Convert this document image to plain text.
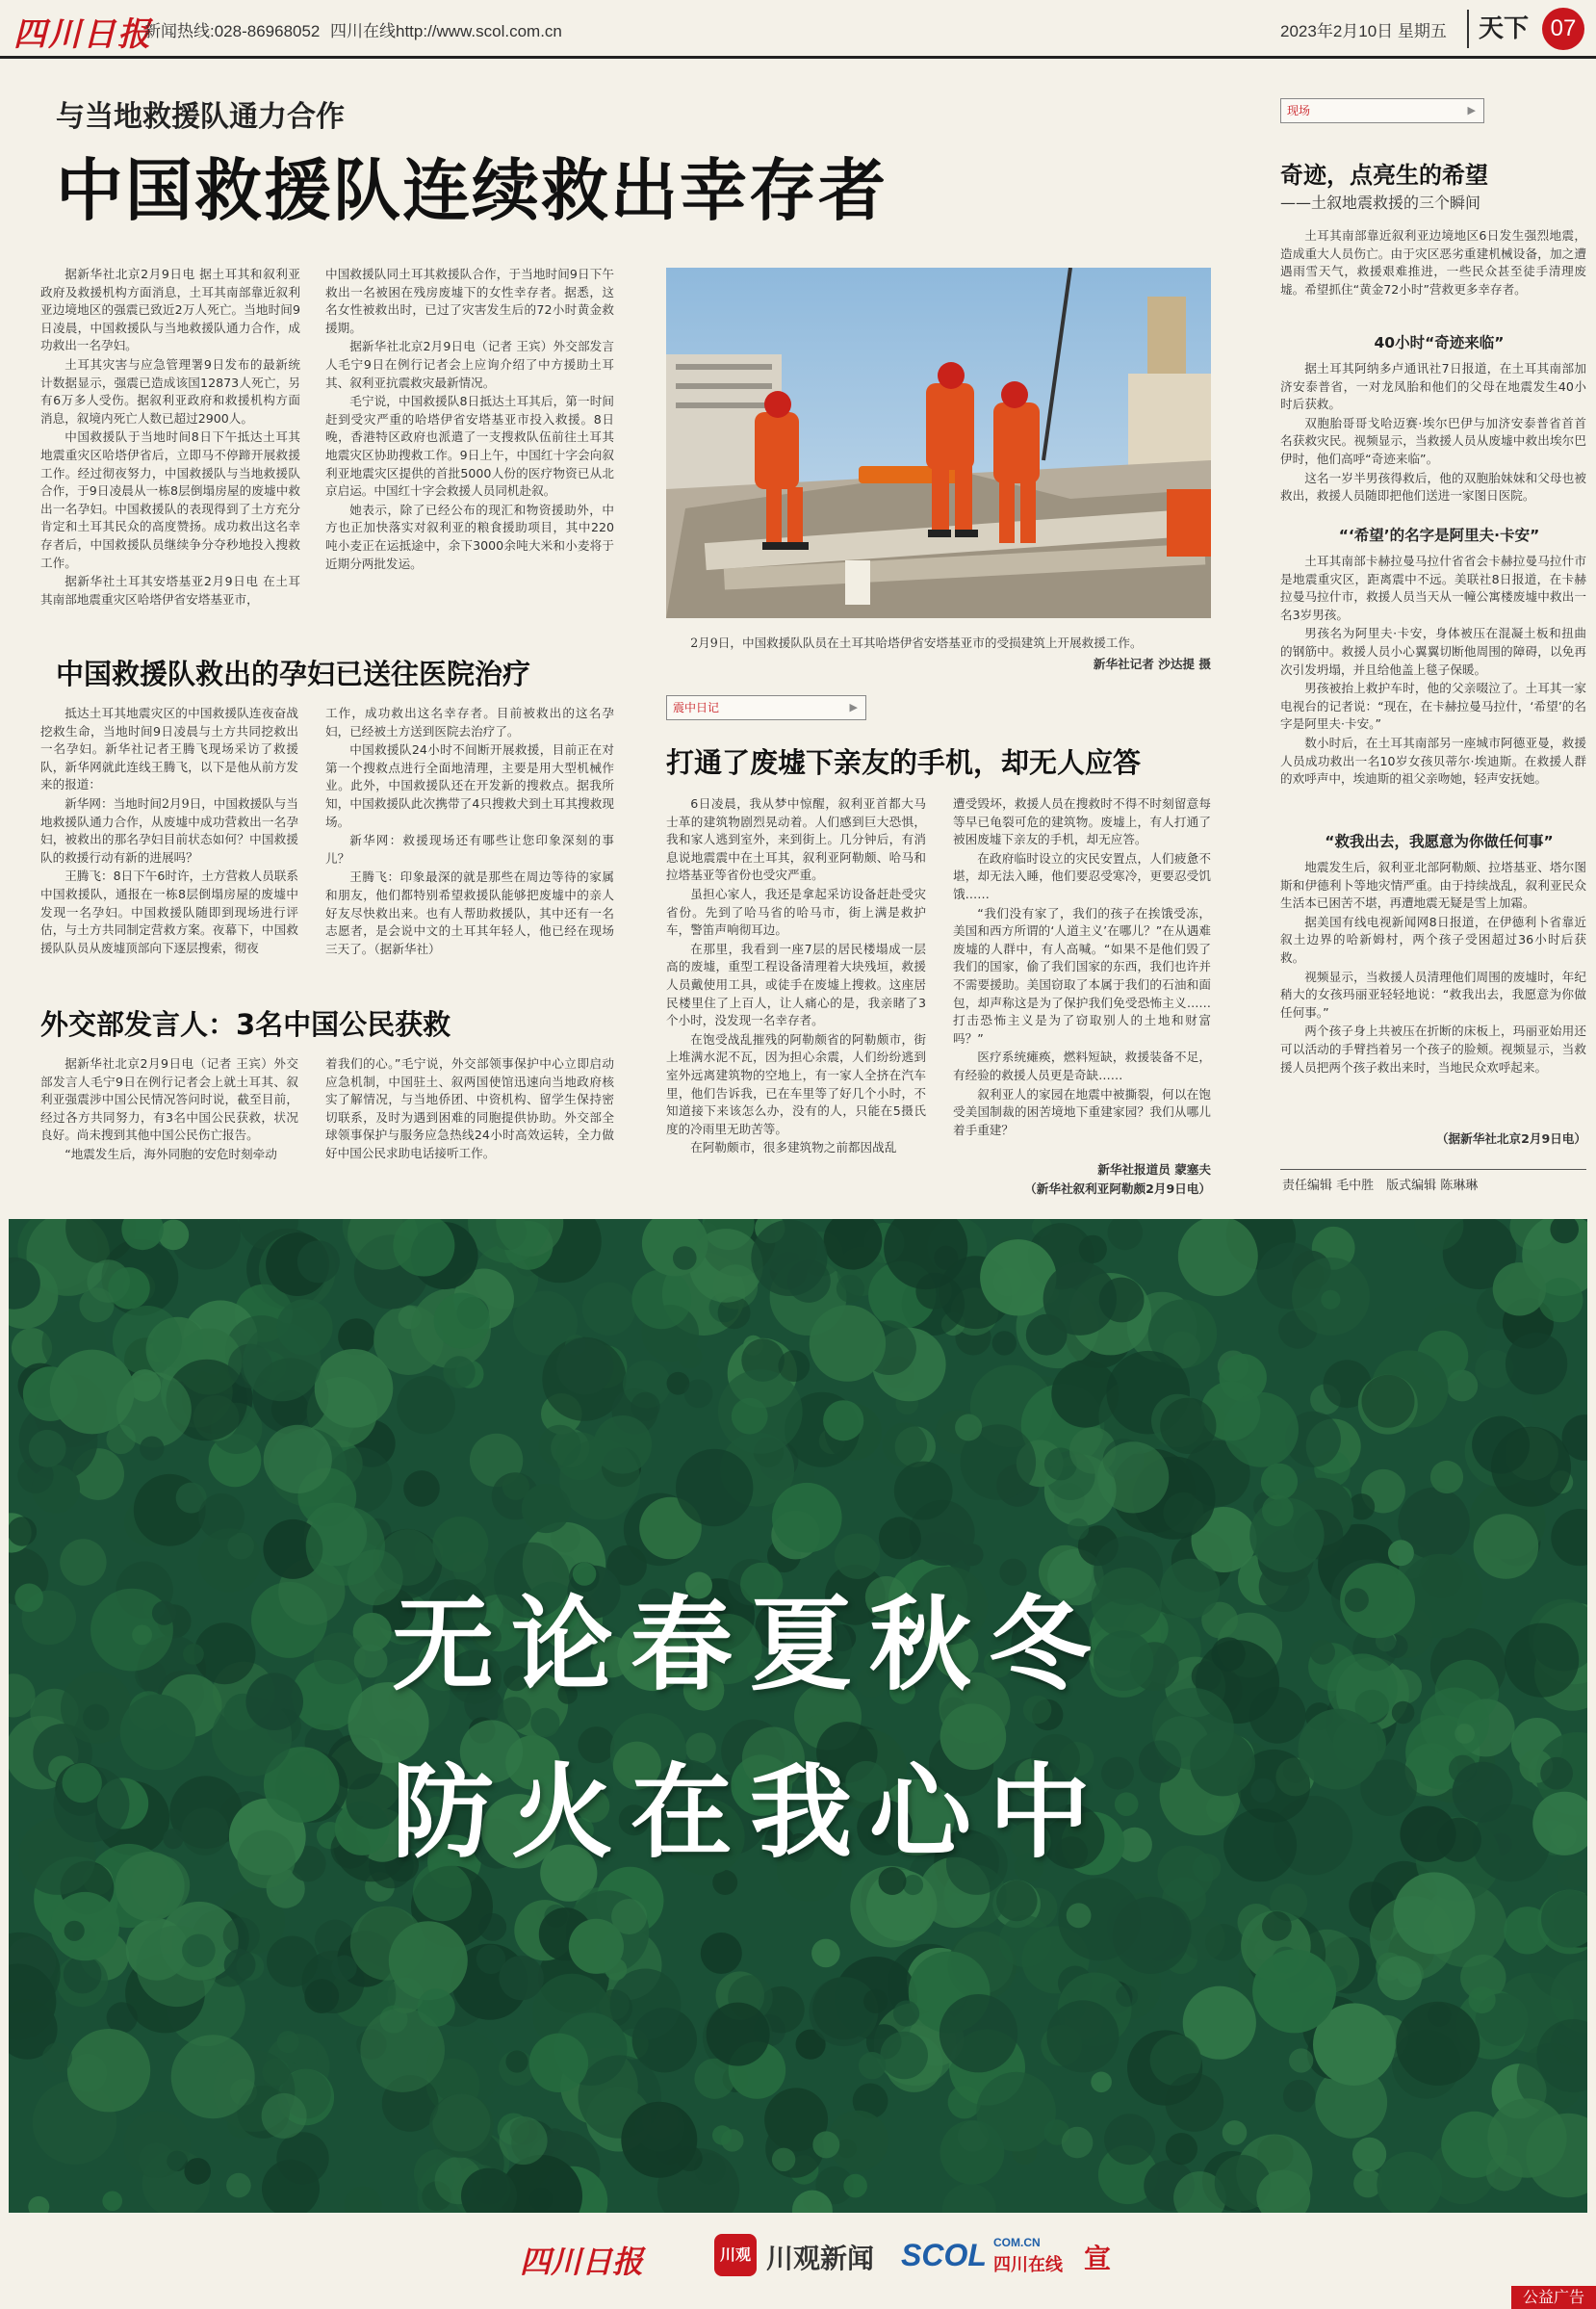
四川日报
新闻热线:028-86968052 四川在线http://www.scol.com.cn	2023年2月10日 星期五	天下 07
与当地救援队通力合作
中国救援队连续救出幸存者

据新华社北京2月9日电 据土耳其和叙利亚政府及救援机构方面消息，土耳其南部靠近叙利亚边境地区的强震已致近2万人死亡。当地时间9日凌晨，中国救援队与当地救援队通力合作，成功救出一名孕妇。

土耳其灾害与应急管理署9日发布的最新统计数据显示，强震已造成该国12873人死亡，另有6万多人受伤。据叙利亚政府和救援机构方面消息，叙境内死亡人数已超过2900人。

中国救援队于当地时间8日下午抵达土耳其地震重灾区哈塔伊省后，立即马不停蹄开展救援工作。经过彻夜努力，中国救援队与当地救援队合作，于9日凌晨从一栋8层倒塌房屋的废墟中救出一名孕妇。中国救援队的表现得到了土方充分肯定和土耳其民众的高度赞扬。成功救出这名幸存者后，中国救援队员继续争分夺秒地投入搜救工作。

据新华社土耳其安塔基亚2月9日电 在土耳其南部地震重灾区哈塔伊省安塔基亚市，

中国救援队同土耳其救援队合作，于当地时间9日下午救出一名被困在残房废墟下的女性幸存者。据悉，这名女性被救出时，已过了灾害发生后的72小时黄金救援期。

据新华社北京2月9日电（记者 王宾）外交部发言人毛宁9日在例行记者会上应询介绍了中方援助土耳其、叙利亚抗震救灾最新情况。

毛宁说，中国救援队8日抵达土耳其后，第一时间赶到受灾严重的哈塔伊省安塔基亚市投入救援。8日晚，香港特区政府也派遣了一支搜救队伍前往土耳其地震灾区协助搜救工作。9日上午，中国红十字会向叙利亚地震灾区提供的首批5000人份的医疗物资已从北京启运。中国红十字会救援人员同机赴叙。

她表示，除了已经公布的现汇和物资援助外，中方也正加快落实对叙利亚的粮食援助项目，其中220吨小麦正在运抵途中，余下3000余吨大米和小麦将于近期分两批发运。

2月9日，中国救援队队员在土耳其哈塔伊省安塔基亚市的受损建筑上开展救援工作。
新华社记者 沙达提 摄
中国救援队救出的孕妇已送往医院治疗

抵达土耳其地震灾区的中国救援队连夜奋战挖救生命，当地时间9日凌晨与土方共同挖救出一名孕妇。新华社记者王腾飞现场采访了救援队，新华网就此连线王腾飞，以下是他从前方发来的报道：

新华网：当地时间2月9日，中国救援队与当地救援队通力合作，从废墟中成功营救出一名孕妇，被救出的那名孕妇目前状态如何？中国救援队的救援行动有新的进展吗？

王腾飞：8日下午6时许，土方营救人员联系中国救援队，通报在一栋8层倒塌房屋的废墟中发现一名孕妇。中国救援队随即到现场进行评估，与土方共同制定营救方案。夜幕下，中国救援队队员从废墟顶部向下逐层搜索，彻夜

工作，成功救出这名幸存者。目前被救出的这名孕妇，已经被土方送到医院去治疗了。

中国救援队24小时不间断开展救援，目前正在对第一个搜救点进行全面地清理，主要是用大型机械作业。此外，中国救援队还在开发新的搜救点。据我所知，中国救援队此次携带了4只搜救犬到土耳其搜救现场。

新华网：救援现场还有哪些让您印象深刻的事儿？

王腾飞：印象最深的就是那些在周边等待的家属和朋友，他们都特别希望救援队能够把废墟中的亲人好友尽快救出来。也有人帮助救援队，其中还有一名志愿者，是会说中文的土耳其年轻人，他已经在现场三天了。（据新华社）

外交部发言人：3名中国公民获救

据新华社北京2月9日电（记者 王宾）外交部发言人毛宁9日在例行记者会上就土耳其、叙利亚强震涉中国公民情况答问时说，截至目前，经过各方共同努力，有3名中国公民获救，状况良好。尚未搜到其他中国公民伤亡报告。

“地震发生后，海外同胞的安危时刻牵动

着我们的心。”毛宁说，外交部领事保护中心立即启动应急机制，中国驻土、叙两国使馆迅速向当地政府核实了解情况，与当地侨团、中资机构、留学生保持密切联系，及时为遇到困难的同胞提供协助。外交部全球领事保护与服务应急热线24小时高效运转，全力做好中国公民求助电话接听工作。

震中日记	▶
打通了废墟下亲友的手机，却无人应答

6日凌晨，我从梦中惊醒，叙利亚首都大马士革的建筑物剧烈晃动着。人们感到巨大恐惧，我和家人逃到室外，来到街上。几分钟后，有消息说地震震中在土耳其，叙利亚阿勒颇、哈马和拉塔基亚等省份也受灾严重。

虽担心家人，我还是拿起采访设备赶赴受灾省份。先到了哈马省的哈马市，街上满是救护车，警笛声响彻耳边。

在那里，我看到一座7层的居民楼塌成一层高的废墟，重型工程设备清理着大块残垣，救援人员戴使用工具，或徒手在废墟上搜救。这座居民楼里住了上百人，让人痛心的是，我亲睹了3个小时，没发现一名幸存者。

在饱受战乱摧残的阿勒颇省的阿勒颇市，街上堆满水泥不瓦，因为担心余震，人们纷纷逃到室外远离建筑物的空地上，有一家人全挤在汽车里，他们告诉我，已在车里等了好几个小时，不知道接下来该怎么办，没有的人，只能在5摄氏度的冷雨里无助苦等。

在阿勒颇市，很多建筑物之前都因战乱

遭受毁坏，救援人员在搜救时不得不时刻留意每等早已龟裂可危的建筑物。废墟上，有人打通了被困废墟下亲友的手机，却无应答。

在政府临时设立的灾民安置点，人们疲惫不堪，却无法入睡，他们要忍受寒冷，更要忍受饥饿……

“我们没有家了，我们的孩子在挨饿受冻，美国和西方所谓的‘人道主义’在哪儿？”在从遇难废墟的人群中，有人高喊。“如果不是他们毁了我们的国家，偷了我们国家的东西，我们也许并不需要援助。美国窃取了本属于我们的石油和面包，却声称这是为了保护我们免受恐怖主义……打击恐怖主义是为了窃取别人的土地和财富吗？”

医疗系统瘫痪，燃料短缺，救援装备不足，有经验的救援人员更是奇缺……

叙利亚人的家园在地震中被撕裂，何以在饱受美国制裁的困苦境地下重建家园？我们从哪儿着手重建？

新华社报道员 蒙塞夫
（新华社叙利亚阿勒颇2月9日电）
现场	▶
奇迹，点亮生的希望
——土叙地震救援的三个瞬间

土耳其南部靠近叙利亚边境地区6日发生强烈地震，造成重大人员伤亡。由于灾区恶劣重建机械设备，加之遭遇雨雪天气，救援艰难推进，一些民众甚至徒手清理废墟。希望抓住“黄金72小时”营救更多幸存者。

40小时“奇迹来临”

据土耳其阿纳多卢通讯社7日报道，在土耳其南部加济安泰普省，一对龙凤胎和他们的父母在地震发生40小时后获救。

双胞胎哥哥戈哈迈赛·埃尔巴伊与加济安泰普省首首名获救灾民。视频显示，当救援人员从废墟中救出埃尔巴伊时，他们高呼“奇迹来临”。

这名一岁半男孩得救后，他的双胞胎妹妹和父母也被救出，救援人员随即把他们送进一家图日医院。

“‘希望’的名字是阿里夫·卡安”

土耳其南部卡赫拉曼马拉什省省会卡赫拉曼马拉什市是地震重灾区，距离震中不远。美联社8日报道，在卡赫拉曼马拉什市，救援人员当天从一幢公寓楼废墟中救出一名3岁男孩。

男孩名为阿里夫·卡安，身体被压在混凝土板和扭曲的钢筋中。救援人员小心翼翼切断他周围的障碍，以免再次引发坍塌，并且给他盖上毯子保暖。

男孩被抬上救护车时，他的父亲啜泣了。土耳其一家电视台的记者说：“现在，在卡赫拉曼马拉什，‘希望’的名字是阿里夫·卡安。”

数小时后，在土耳其南部另一座城市阿德亚曼，救援人员成功救出一名10岁女孩贝蒂尔·埃迪斯。在救援人群的欢呼声中，埃迪斯的祖父亲吻她，轻声安抚她。

“救我出去，我愿意为你做任何事”

地震发生后，叙利亚北部阿勒颇、拉塔基亚、塔尔图斯和伊德利卜等地灾情严重。由于持续战乱，叙利亚民众生活本已困苦不堪，再遭地震无疑是雪上加霜。

据美国有线电视新闻网8日报道，在伊德利卜省靠近叙土边界的哈新姆村，两个孩子受困超过36小时后获救。

视频显示，当救援人员清理他们周围的废墟时，年纪稍大的女孩玛丽亚轻轻地说：“救我出去，我愿意为你做任何事。”

两个孩子身上共被压在折断的床板上，玛丽亚始用还可以活动的手臂挡着另一个孩子的脸颊。视频显示，当救援人员把两个孩子救出来时，当地民众欢呼起来。

（据新华社北京2月9日电）
责任编辑 毛中胜　版式编辑 陈琳琳
无论春夏秋冬
防火在我心中
四川日报	川观 川观新闻 SCOL COM.CN
四川在线 宣
公益广告
